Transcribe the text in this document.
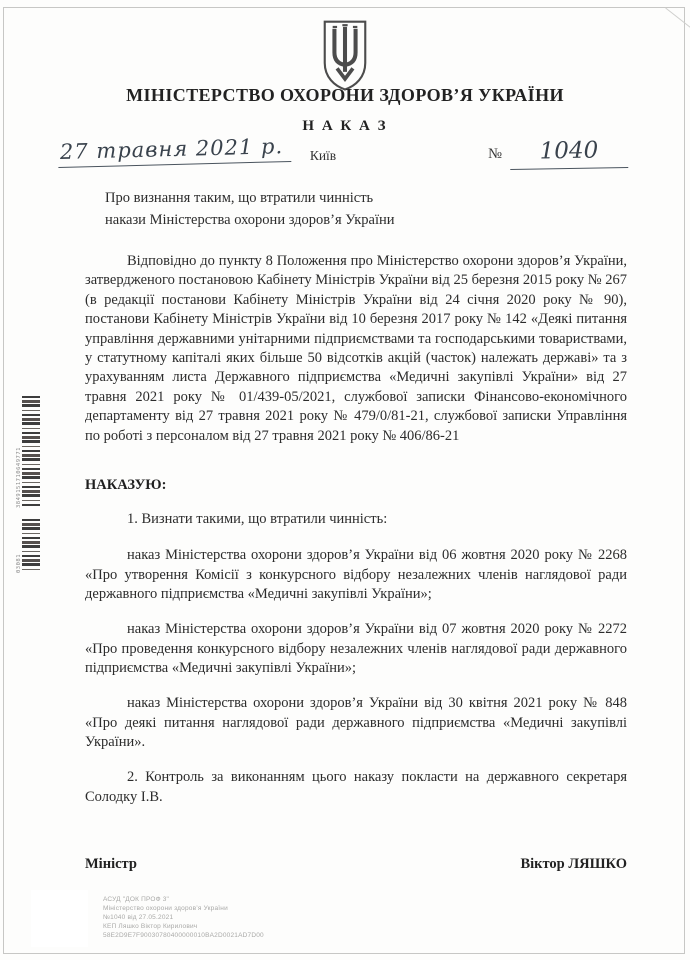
3849151710649771
03081
МІНІСТЕРСТВО ОХОРОНИ ЗДОРОВ’Я УКРАЇНИ
Н А К А З
27 травня 2021 р.	Київ	№	1040
Про визнання таким, що втратили чинність
накази Міністерства охорони здоров’я України
Відповідно до пункту 8 Положення про Міністерство охорони здоров’я України, затвердженого постановою Кабінету Міністрів України від 25 березня 2015 року № 267 (в редакції постанови Кабінету Міністрів України від 24 січня 2020 року № 90), постанови Кабінету Міністрів України від 10 березня 2017 року № 142 «Деякі питання управління державними унітарними підприємствами та господарськими товариствами, у статутному капіталі яких більше 50 відсотків акцій (часток) належать державі» та з урахуванням листа Державного підприємства «Медичні закупівлі України» від 27 травня 2021 року № 01/439-05/2021, службової записки Фінансово-економічного департаменту від 27 травня 2021 року № 479/0/81-21, службової записки Управління по роботі з персоналом від 27 травня 2021 року № 406/86-21
НАКАЗУЮ:
1. Визнати такими, що втратили чинність:
наказ Міністерства охорони здоров’я України від 06 жовтня 2020 року № 2268 «Про утворення Комісії з конкурсного відбору незалежних членів наглядової ради державного підприємства «Медичні закупівлі України»;
наказ Міністерства охорони здоров’я України від 07 жовтня 2020 року № 2272 «Про проведення конкурсного відбору незалежних членів наглядової ради державного підприємства «Медичні закупівлі України»;
наказ Міністерства охорони здоров’я України від 30 квітня 2021 року № 848 «Про деякі питання наглядової ради державного підприємства «Медичні закупівлі України».
2. Контроль за виконанням цього наказу покласти на державного секретаря Солодку І.В.
Міністр	Віктор ЛЯШКО
АСУД "ДОК ПРОФ 3"
Міністерство охорони здоров’я України
№1040 від 27.05.2021
КЕП Ляшко Віктор Кирилович
58E2D9E7F90030780400000010BA2D0021AD7D00
